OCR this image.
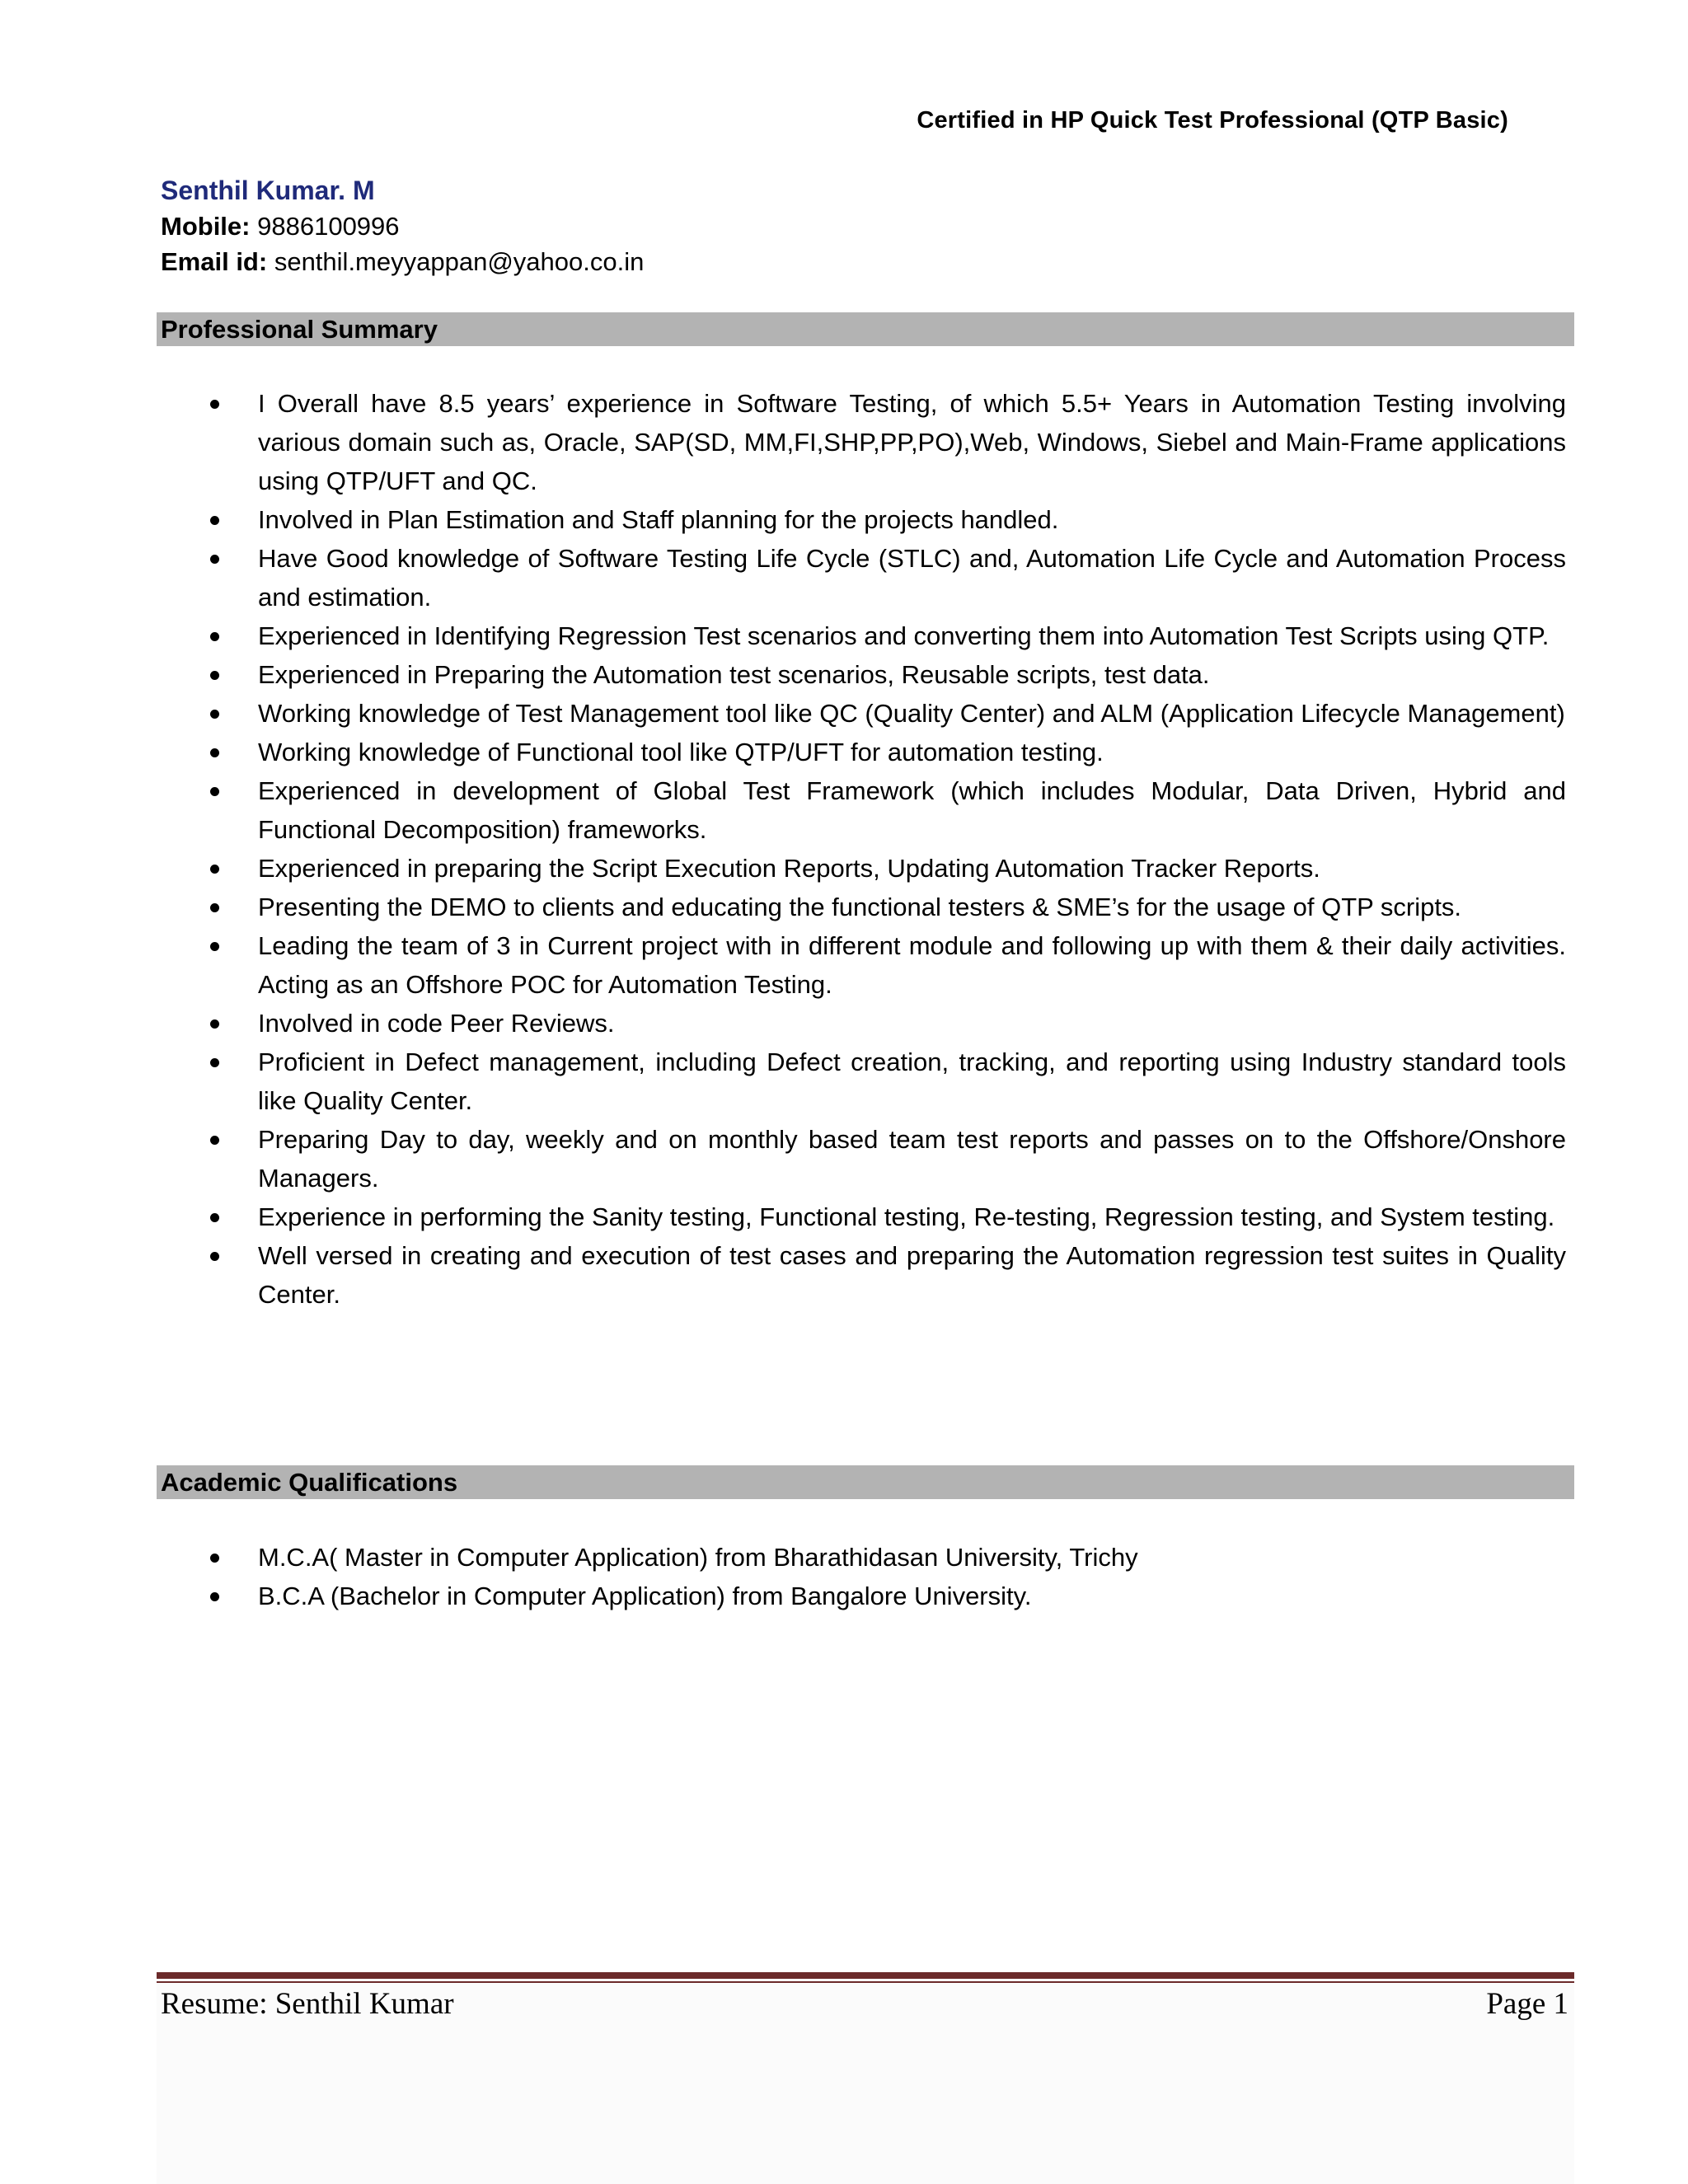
Certified in HP Quick Test Professional (QTP Basic)
Senthil Kumar. M
Mobile: 9886100996
Email id: senthil.meyyappan@yahoo.co.in
Professional Summary
I Overall have 8.5 years’ experience in Software Testing, of which 5.5+ Years in Automation Testing involving various domain such as, Oracle, SAP(SD, MM,FI,SHP,PP,PO),Web, Windows, Siebel and Main-Frame applications using QTP/UFT and QC.
Involved in Plan Estimation and Staff planning for the projects handled.
Have Good knowledge of Software Testing Life Cycle (STLC) and, Automation Life Cycle and Automation Process and estimation.
Experienced in Identifying Regression Test scenarios and converting them into Automation Test Scripts using QTP.
Experienced in Preparing the Automation test scenarios, Reusable scripts, test data.
Working knowledge of Test Management tool like QC (Quality Center) and ALM (Application Lifecycle Management)
Working knowledge of Functional tool like QTP/UFT for automation testing.
Experienced in development of Global Test Framework (which includes Modular, Data Driven, Hybrid and Functional Decomposition) frameworks.
Experienced in preparing the Script Execution Reports, Updating Automation Tracker Reports.
Presenting the DEMO to clients and educating the functional testers & SME’s for the usage of QTP scripts.
Leading the team of 3 in Current project with in different module and following up with them & their daily activities. Acting as an Offshore POC for Automation Testing.
Involved in code Peer Reviews.
Proficient in Defect management, including Defect creation, tracking, and reporting using Industry standard tools like Quality Center.
Preparing Day to day, weekly and on monthly based team test reports and passes on to the Offshore/Onshore Managers.
Experience in performing the Sanity testing, Functional testing, Re-testing, Regression testing, and System testing.
Well versed in creating and execution of test cases and preparing the Automation regression test suites in Quality Center.
Academic Qualifications
M.C.A( Master in Computer Application) from Bharathidasan University, Trichy
B.C.A (Bachelor in Computer Application) from Bangalore University.
Resume: Senthil Kumar	Page 1
